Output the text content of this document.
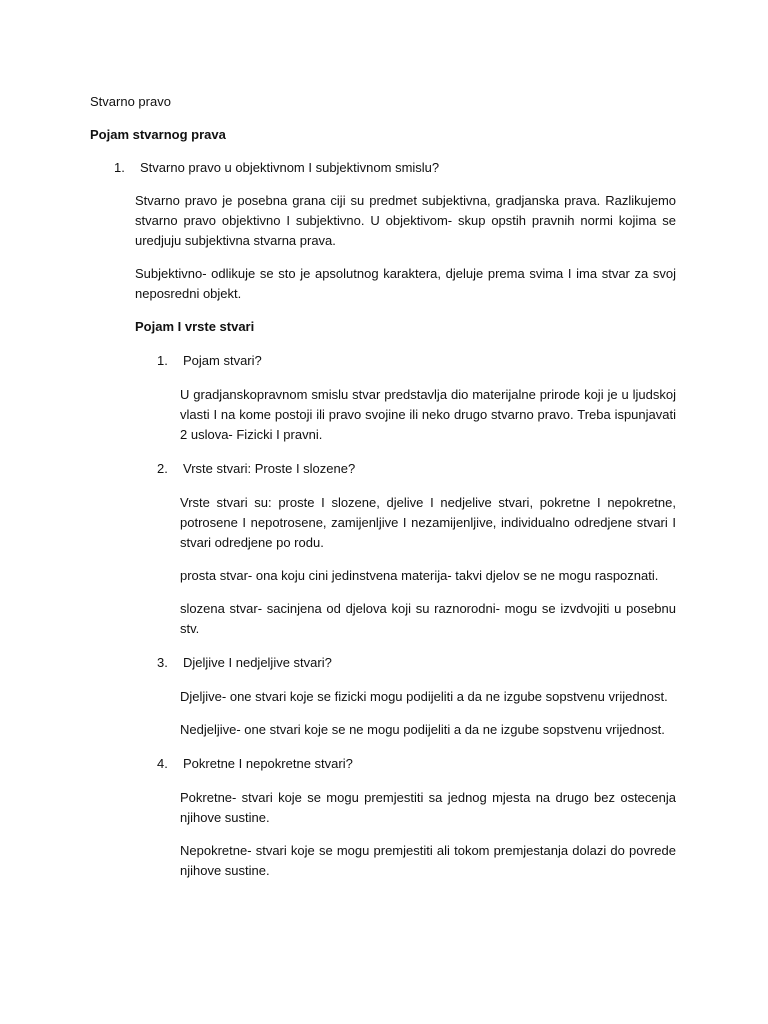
Stvarno pravo
Pojam stvarnog prava
1.	Stvarno pravo u objektivnom I subjektivnom smislu?

Stvarno pravo je posebna grana ciji su predmet subjektivna, gradjanska prava. Razlikujemo stvarno pravo objektivno I subjektivno. U objektivom- skup opstih pravnih normi kojima se uredjuju subjektivna stvarna prava.

Subjektivno- odlikuje se sto je apsolutnog karaktera, djeluje prema svima I ima stvar za svoj neposredni objekt.

Pojam I vrste stvari
1.	Pojam stvari?

U gradjanskopravnom smislu stvar predstavlja dio materijalne prirode koji je u ljudskoj vlasti I na kome postoji ili pravo svojine ili neko drugo stvarno pravo. Treba ispunjavati 2 uslova- Fizicki I pravni.

2.	Vrste stvari: Proste I slozene?

Vrste stvari su: proste I slozene, djelive I nedjelive stvari, pokretne I nepokretne, potrosene I nepotrosene, zamijenljive I nezamijenljive, individualno odredjene stvari I stvari odredjene po rodu.

prosta stvar- ona koju cini jedinstvena materija- takvi djelov se ne mogu raspoznati.

slozena stvar- sacinjena od djelova koji su raznorodni- mogu se izvdvojiti u posebnu stv.

3.	Djeljive I nedjeljive stvari?

Djeljive- one stvari koje se fizicki mogu podijeliti a da ne izgube sopstvenu vrijednost.

Nedjeljive- one stvari koje se ne mogu podijeliti a da ne izgube sopstvenu vrijednost.

4.	Pokretne I nepokretne stvari?

Pokretne- stvari koje se mogu premjestiti sa jednog mjesta na drugo bez ostecenja njihove sustine.

Nepokretne- stvari koje se mogu premjestiti ali tokom premjestanja dolazi do povrede njihove sustine.
